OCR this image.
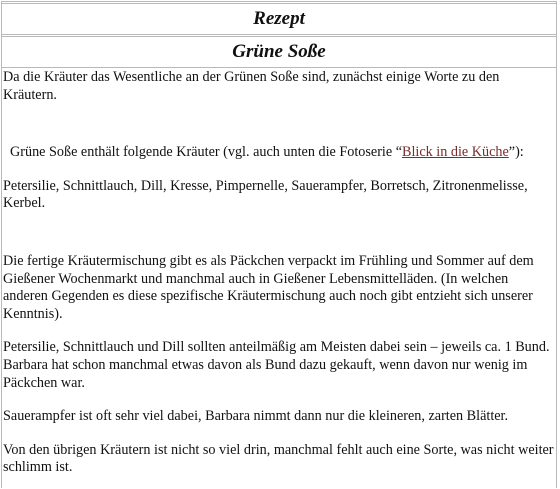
Rezept
Grüne Soße

Da die Kräuter das Wesentliche an der Grünen Soße sind, zunächst einige Worte zu den Kräutern.

Grüne Soße enthält folgende Kräuter (vgl. auch unten die Fotoserie “Blick in die Küche”):

Petersilie, Schnittlauch, Dill, Kresse, Pimpernelle, Sauerampfer, Borretsch, Zitronenmelisse, Kerbel.

Die fertige Kräutermischung gibt es als Päckchen verpackt im Frühling und Sommer auf dem Gießener Wochenmarkt und manchmal auch in Gießener Lebensmittelläden. (In welchen anderen Gegenden es diese spezifische Kräutermischung auch noch gibt entzieht sich unserer Kenntnis).

Petersilie, Schnittlauch und Dill sollten anteilmäßig am Meisten dabei sein – jeweils ca. 1 Bund. Barbara hat schon manchmal etwas davon als Bund dazu gekauft, wenn davon nur wenig im Päckchen war.

Sauerampfer ist oft sehr viel dabei, Barbara nimmt dann nur die kleineren, zarten Blätter.

Von den übrigen Kräutern ist nicht so viel drin, manchmal fehlt auch eine Sorte, was nicht weiter schlimm ist.
